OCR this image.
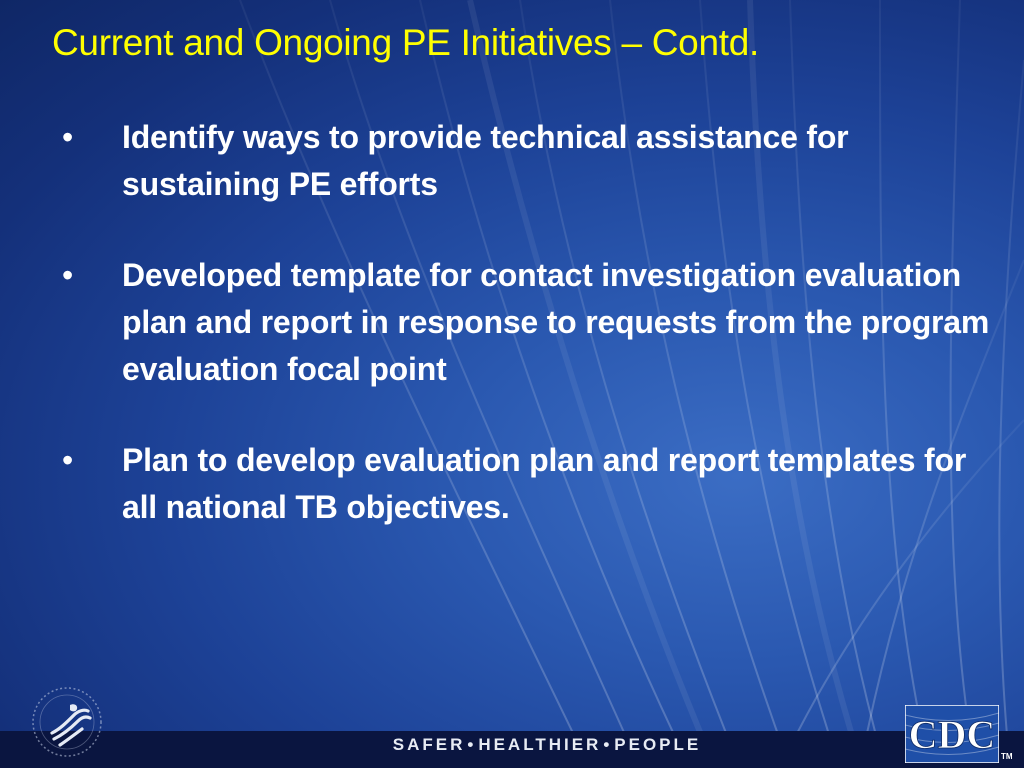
Current and Ongoing PE Initiatives – Contd.
• Identify ways to provide technical assistance for sustaining PE efforts
• Developed template for contact investigation evaluation plan and report in response to requests from the program evaluation focal point
• Plan to develop evaluation plan and report templates for all national TB objectives.
SAFER • HEALTHIER • PEOPLE	CDC TM
